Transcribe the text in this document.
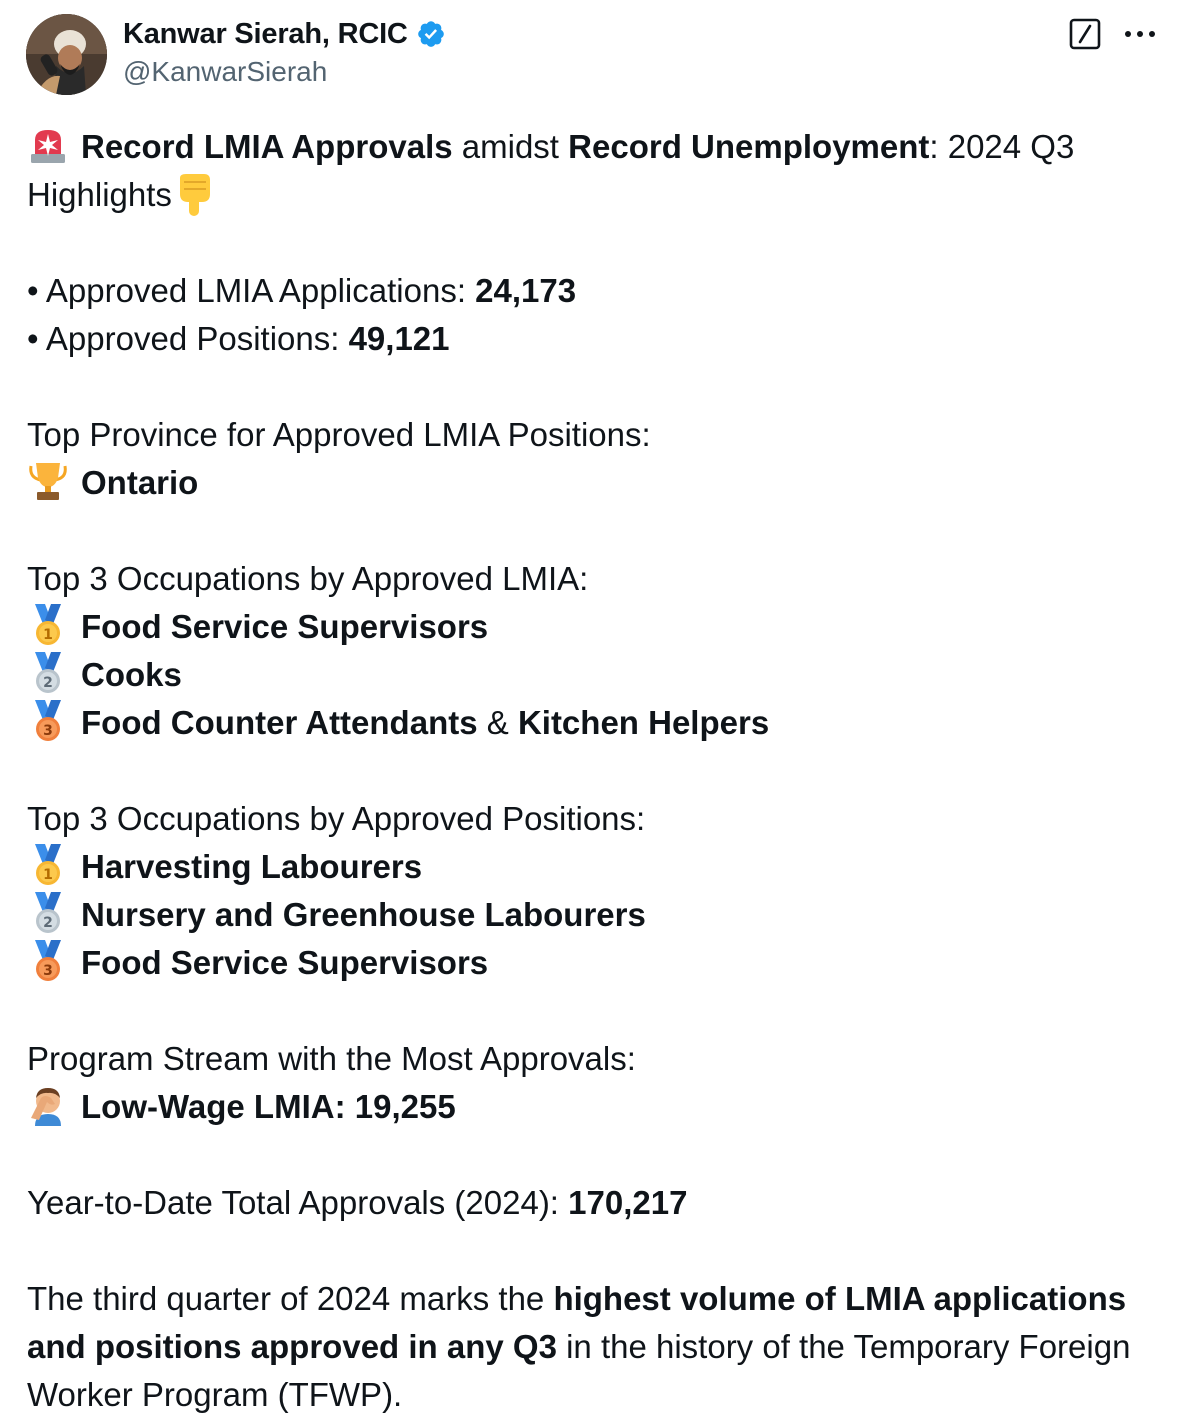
Kanwar Sierah, RCIC
@KanwarSierah
Record LMIA Approvals amidst Record Unemployment: 2024 Q3
Highlights
• Approved LMIA Applications: 24,173
• Approved Positions: 49,121
Top Province for Approved LMIA Positions:
Ontario
Top 3 Occupations by Approved LMIA:
1 Food Service Supervisors
2 Cooks
3 Food Counter Attendants & Kitchen Helpers
Top 3 Occupations by Approved Positions:
1 Harvesting Labourers
2 Nursery and Greenhouse Labourers
3 Food Service Supervisors
Program Stream with the Most Approvals:
Low-Wage LMIA: 19,255
Year-to-Date Total Approvals (2024): 170,217
The third quarter of 2024 marks the highest volume of LMIA applications and positions approved in any Q3 in the history of the Temporary Foreign Worker Program (TFWP).
